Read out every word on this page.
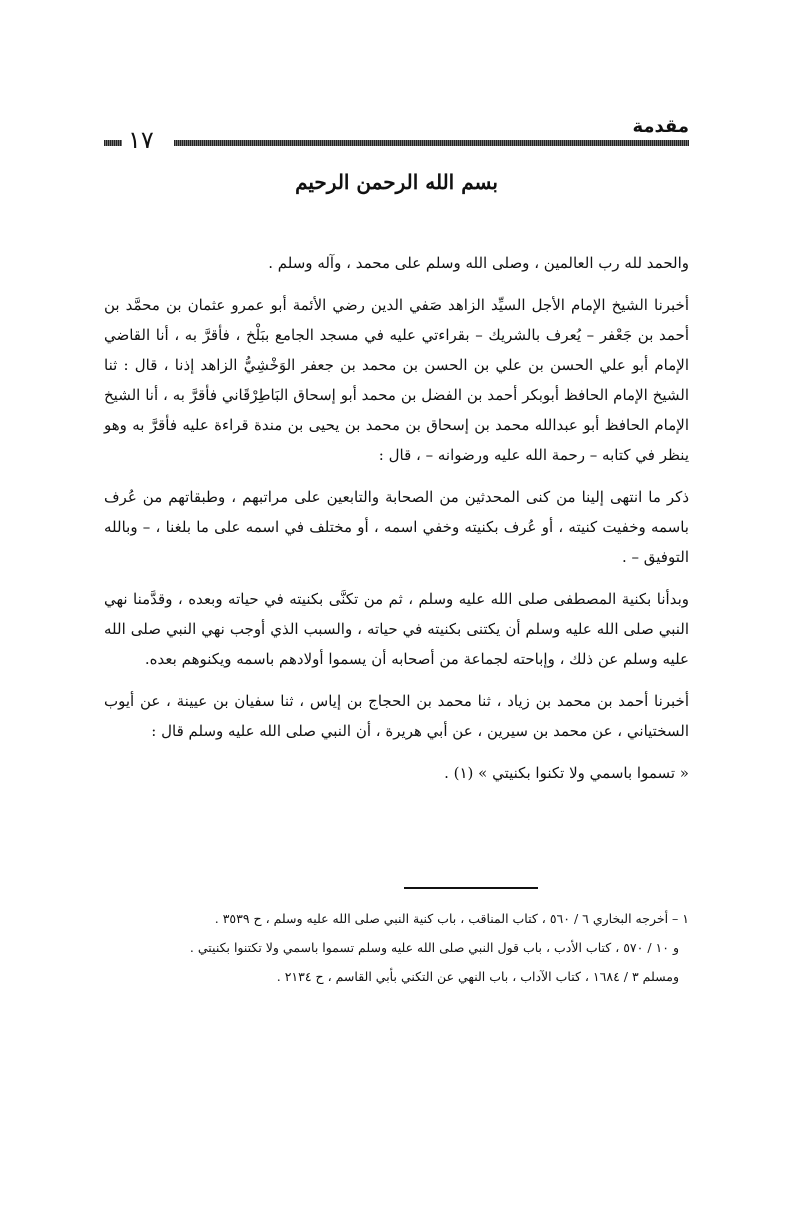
مقدمة
١٧
بسم الله الرحمن الرحيم

والحمد لله رب العالمين ، وصلى الله وسلم على محمد ، وآله وسلم .

أخبرنا الشيخ الإمام الأجل السيِّد الزاهد صَفي الدين رضي الأئمة أبو عمرو عثمان بن محمَّد بن أحمد بن جَعْفر – يُعرف بالشريك – بقراءتي عليه في مسجد الجامع ببَلْخ ، فأقرَّ به ، أنا القاضي الإمام أبو علي الحسن بن علي بن الحسن بن محمد بن جعفر الوَخْشِيُّ الزاهد إذنا ، قال : ثنا الشيخ الإمام الحافظ أبوبكر أحمد بن الفضل بن محمد أبو إسحاق البَاطِرْقَاني فأقرَّ به ، أنا الشيخ الإمام الحافظ أبو عبدالله محمد بن إسحاق بن محمد بن يحيى بن مندة قراءة عليه فأقرَّ به وهو ينظر في كتابه – رحمة الله عليه ورضوانه – ، قال :

ذكر ما انتهى إلينا من كنى المحدثين من الصحابة والتابعين على مراتبهم ، وطبقاتهم من عُرف باسمه وخفيت كنيته ، أو عُرف بكنيته وخفي اسمه ، أو مختلف في اسمه على ما بلغنا ، – وبالله التوفيق – .

وبدأنا بكنية المصطفى صلى الله عليه وسلم ، ثم من تكنَّى بكنيته في حياته وبعده ، وقدَّمنا نهي النبي صلى الله عليه وسلم أن يكتنى بكنيته في حياته ، والسبب الذي أوجب نهي النبي صلى الله عليه وسلم عن ذلك ، وإباحته لجماعة من أصحابه أن يسموا أولادهم باسمه ويكنوهم بعده.

أخبرنا أحمد بن محمد بن زياد ، ثنا محمد بن الحجاج بن إياس ، ثنا سفيان بن عيينة ، عن أيوب السختياني ، عن محمد بن سيرين ، عن أبي هريرة ، أن النبي صلى الله عليه وسلم قال :

« تسموا باسمي ولا تكنوا بكنيتي » (١) .

١ – أخرجه البخاري ٦ / ٥٦٠ ، كتاب المناقب ، باب كنية النبي صلى الله عليه وسلم ، ح ٣٥٣٩ .

و ١٠ / ٥٧٠ ، كتاب الأدب ، باب قول النبي صلى الله عليه وسلم تسموا باسمي ولا تكتنوا بكنيتي .

ومسلم ٣ / ١٦٨٤ ، كتاب الآداب ، باب النهي عن التكني بأبي القاسم ، ح ٢١٣٤ .
